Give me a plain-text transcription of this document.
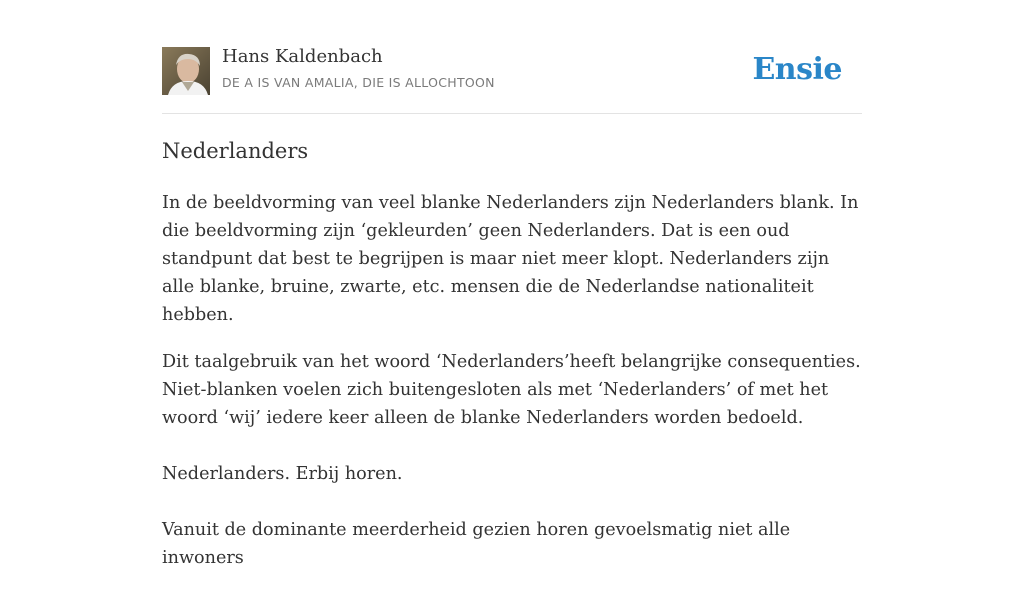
Hans Kaldenbach
DE A IS VAN AMALIA, DIE IS ALLOCHTOON	Ensie
Nederlanders

In de beeldvorming van veel blanke Nederlanders zijn Nederlanders blank. In die beeldvorming zijn ‘gekleurden’ geen Nederlanders. Dat is een oud standpunt dat best te begrijpen is maar niet meer klopt. Nederlanders zijn alle blanke, bruine, zwarte, etc. mensen die de Nederlandse nationaliteit hebben.

Dit taalgebruik van het woord ‘Nederlanders’heeft belangrijke consequenties. Niet-blanken voelen zich buitengesloten als met ‘Nederlanders’ of met het woord ‘wij’ iedere keer alleen de blanke Nederlanders worden bedoeld.

Nederlanders. Erbij horen.

Vanuit de dominante meerderheid gezien horen gevoelsmatig niet alle inwoners
